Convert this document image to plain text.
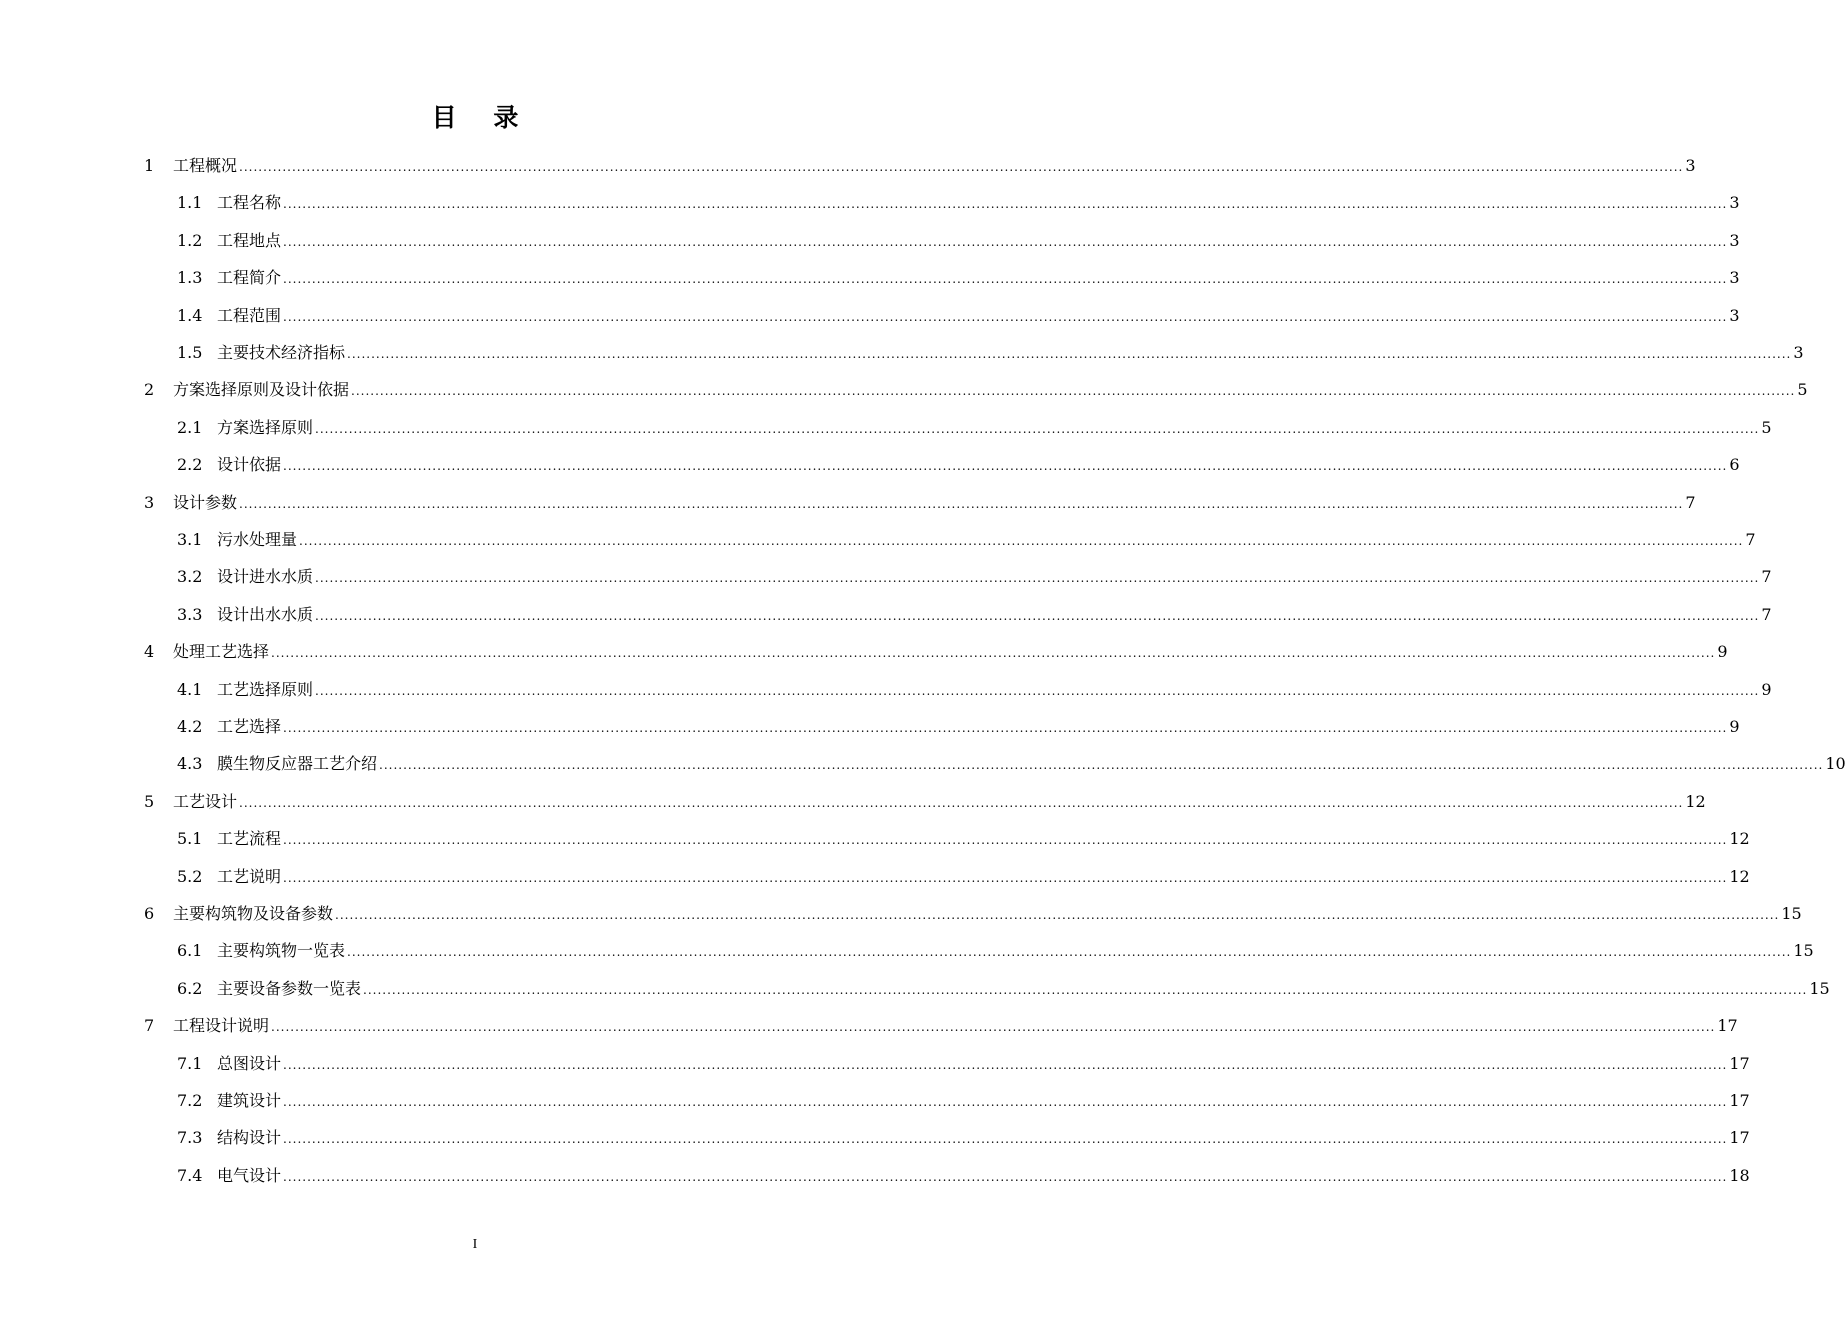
目 录
1	工程概况 ............................................................................................................................................................................................................................................................................................................ 3
1.1 工程名称 ............................................................................................................................................................................................................................................................................................................ 3
1.2 工程地点 ............................................................................................................................................................................................................................................................................................................ 3
1.3 工程简介 ............................................................................................................................................................................................................................................................................................................ 3
1.4 工程范围 ............................................................................................................................................................................................................................................................................................................ 3
1.5 主要技术经济指标 ............................................................................................................................................................................................................................................................................................................ 3
2	方案选择原则及设计依据 ............................................................................................................................................................................................................................................................................................................ 5
2.1 方案选择原则 ............................................................................................................................................................................................................................................................................................................ 5
2.2 设计依据 ............................................................................................................................................................................................................................................................................................................ 6
3	设计参数 ............................................................................................................................................................................................................................................................................................................ 7
3.1 污水处理量 ............................................................................................................................................................................................................................................................................................................ 7
3.2 设计进水水质 ............................................................................................................................................................................................................................................................................................................ 7
3.3 设计出水水质 ............................................................................................................................................................................................................................................................................................................ 7
4	处理工艺选择 ............................................................................................................................................................................................................................................................................................................ 9
4.1 工艺选择原则 ............................................................................................................................................................................................................................................................................................................ 9
4.2 工艺选择 ............................................................................................................................................................................................................................................................................................................ 9
4.3 膜生物反应器工艺介绍 ............................................................................................................................................................................................................................................................................................................ 10
5	工艺设计 ............................................................................................................................................................................................................................................................................................................ 12
5.1 工艺流程 ............................................................................................................................................................................................................................................................................................................ 12
5.2 工艺说明 ............................................................................................................................................................................................................................................................................................................ 12
6	主要构筑物及设备参数 ............................................................................................................................................................................................................................................................................................................ 15
6.1 主要构筑物一览表 ............................................................................................................................................................................................................................................................................................................ 15
6.2 主要设备参数一览表 ............................................................................................................................................................................................................................................................................................................ 15
7	工程设计说明 ............................................................................................................................................................................................................................................................................................................ 17
7.1 总图设计 ............................................................................................................................................................................................................................................................................................................ 17
7.2 建筑设计 ............................................................................................................................................................................................................................................................................................................ 17
7.3 结构设计 ............................................................................................................................................................................................................................................................................................................ 17
7.4 电气设计 ............................................................................................................................................................................................................................................................................................................ 18
I
